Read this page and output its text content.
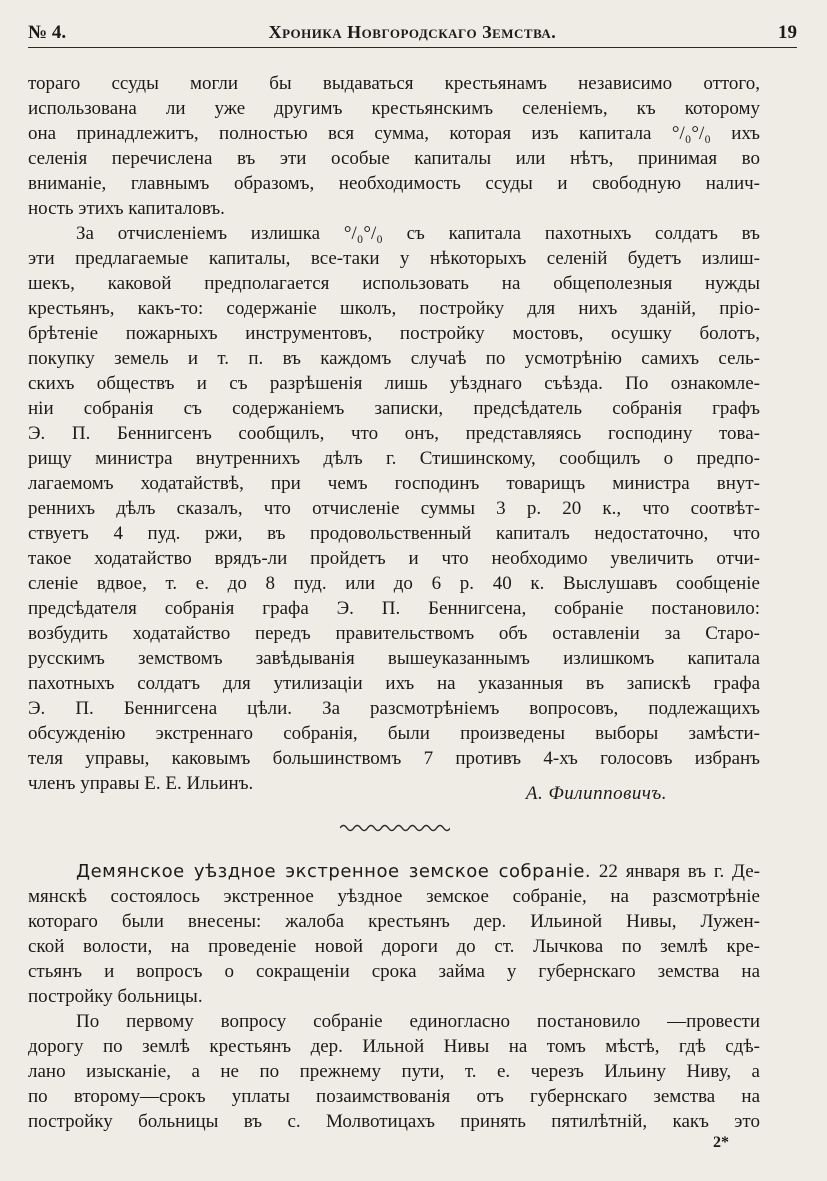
№ 4.	Хроника Новгородскаго Земства.	19
тораго ссуды могли бы выдаваться крестьянамъ независимо оттого,
использована ли уже другимъ крестьянскимъ селеніемъ, къ которому
она принадлежитъ, полностью вся сумма, которая изъ капитала °/₀°/₀ ихъ
селенія перечислена въ эти особые капиталы или нѣтъ, принимая во
вниманіе, главнымъ образомъ, необходимость ссуды и свободную налич-
ность этихъ капиталовъ.
За отчисленіемъ излишка °/₀°/₀ съ капитала пахотныхъ солдатъ въ
эти предлагаемые капиталы, все-таки у нѣкоторыхъ селеній будетъ излиш-
шекъ, каковой предполагается использовать на общеполезныя нужды
крестьянъ, какъ-то: содержаніе школъ, постройку для нихъ зданій, пріо-
брѣтеніе пожарныхъ инструментовъ, постройку мостовъ, осушку болотъ,
покупку земель и т. п. въ каждомъ случаѣ по усмотрѣнію самихъ сель-
скихъ обществъ и съ разрѣшенія лишь уѣзднаго съѣзда. По ознакомле-
ніи собранія съ содержаніемъ записки, предсѣдатель собранія графъ
Э. П. Беннигсенъ сообщилъ, что онъ, представляясь господину това-
рищу министра внутреннихъ дѣлъ г. Стишинскому, сообщилъ о предпо-
лагаемомъ ходатайствѣ, при чемъ господинъ товарищъ министра внут-
реннихъ дѣлъ сказалъ, что отчисленіе суммы 3 р. 20 к., что соотвѣт-
ствуетъ 4 пуд. ржи, въ продовольственный капиталъ недостаточно, что
такое ходатайство врядъ-ли пройдетъ и что необходимо увеличить отчи-
сленіе вдвое, т. е. до 8 пуд. или до 6 р. 40 к. Выслушавъ сообщеніе
предсѣдателя собранія графа Э. П. Беннигсена, собраніе постановило:
возбудить ходатайство передъ правительствомъ объ оставленіи за Старо-
русскимъ земствомъ завѣдыванія вышеуказаннымъ излишкомъ капитала
пахотныхъ солдатъ для утилизаціи ихъ на указанныя въ запискѣ графа
Э. П. Беннигсена цѣли. За разсмотрѣніемъ вопросовъ, подлежащихъ
обсужденію экстреннаго собранія, были произведены выборы замѣсти-
теля управы, каковымъ большинствомъ 7 противъ 4-хъ голосовъ избранъ
членъ управы Е. Е. Ильинъ.	А. Филипповичъ.
Демянское уѣздное экстренное земское собраніе. 22 января въ г. Де-
мянскѣ состоялось экстренное уѣздное земское собраніе, на разсмотрѣніе
котораго были внесены: жалоба крестьянъ дер. Ильиной Нивы, Лужен-
ской волости, на проведеніе новой дороги до ст. Лычкова по землѣ кре-
стьянъ и вопросъ о сокращеніи срока займа у губернскаго земства на
постройку больницы.
По первому вопросу собраніе единогласно постановило —провести
дорогу по землѣ крестьянъ дер. Ильной Нивы на томъ мѣстѣ, гдѣ сдѣ-
лано изысканіе, а не по прежнему пути, т. е. черезъ Ильину Ниву, а
по второму—срокъ уплаты позаимствованія отъ губернскаго земства на
постройку больницы въ с. Молвотицахъ принять пятилѣтній, какъ это
2*
